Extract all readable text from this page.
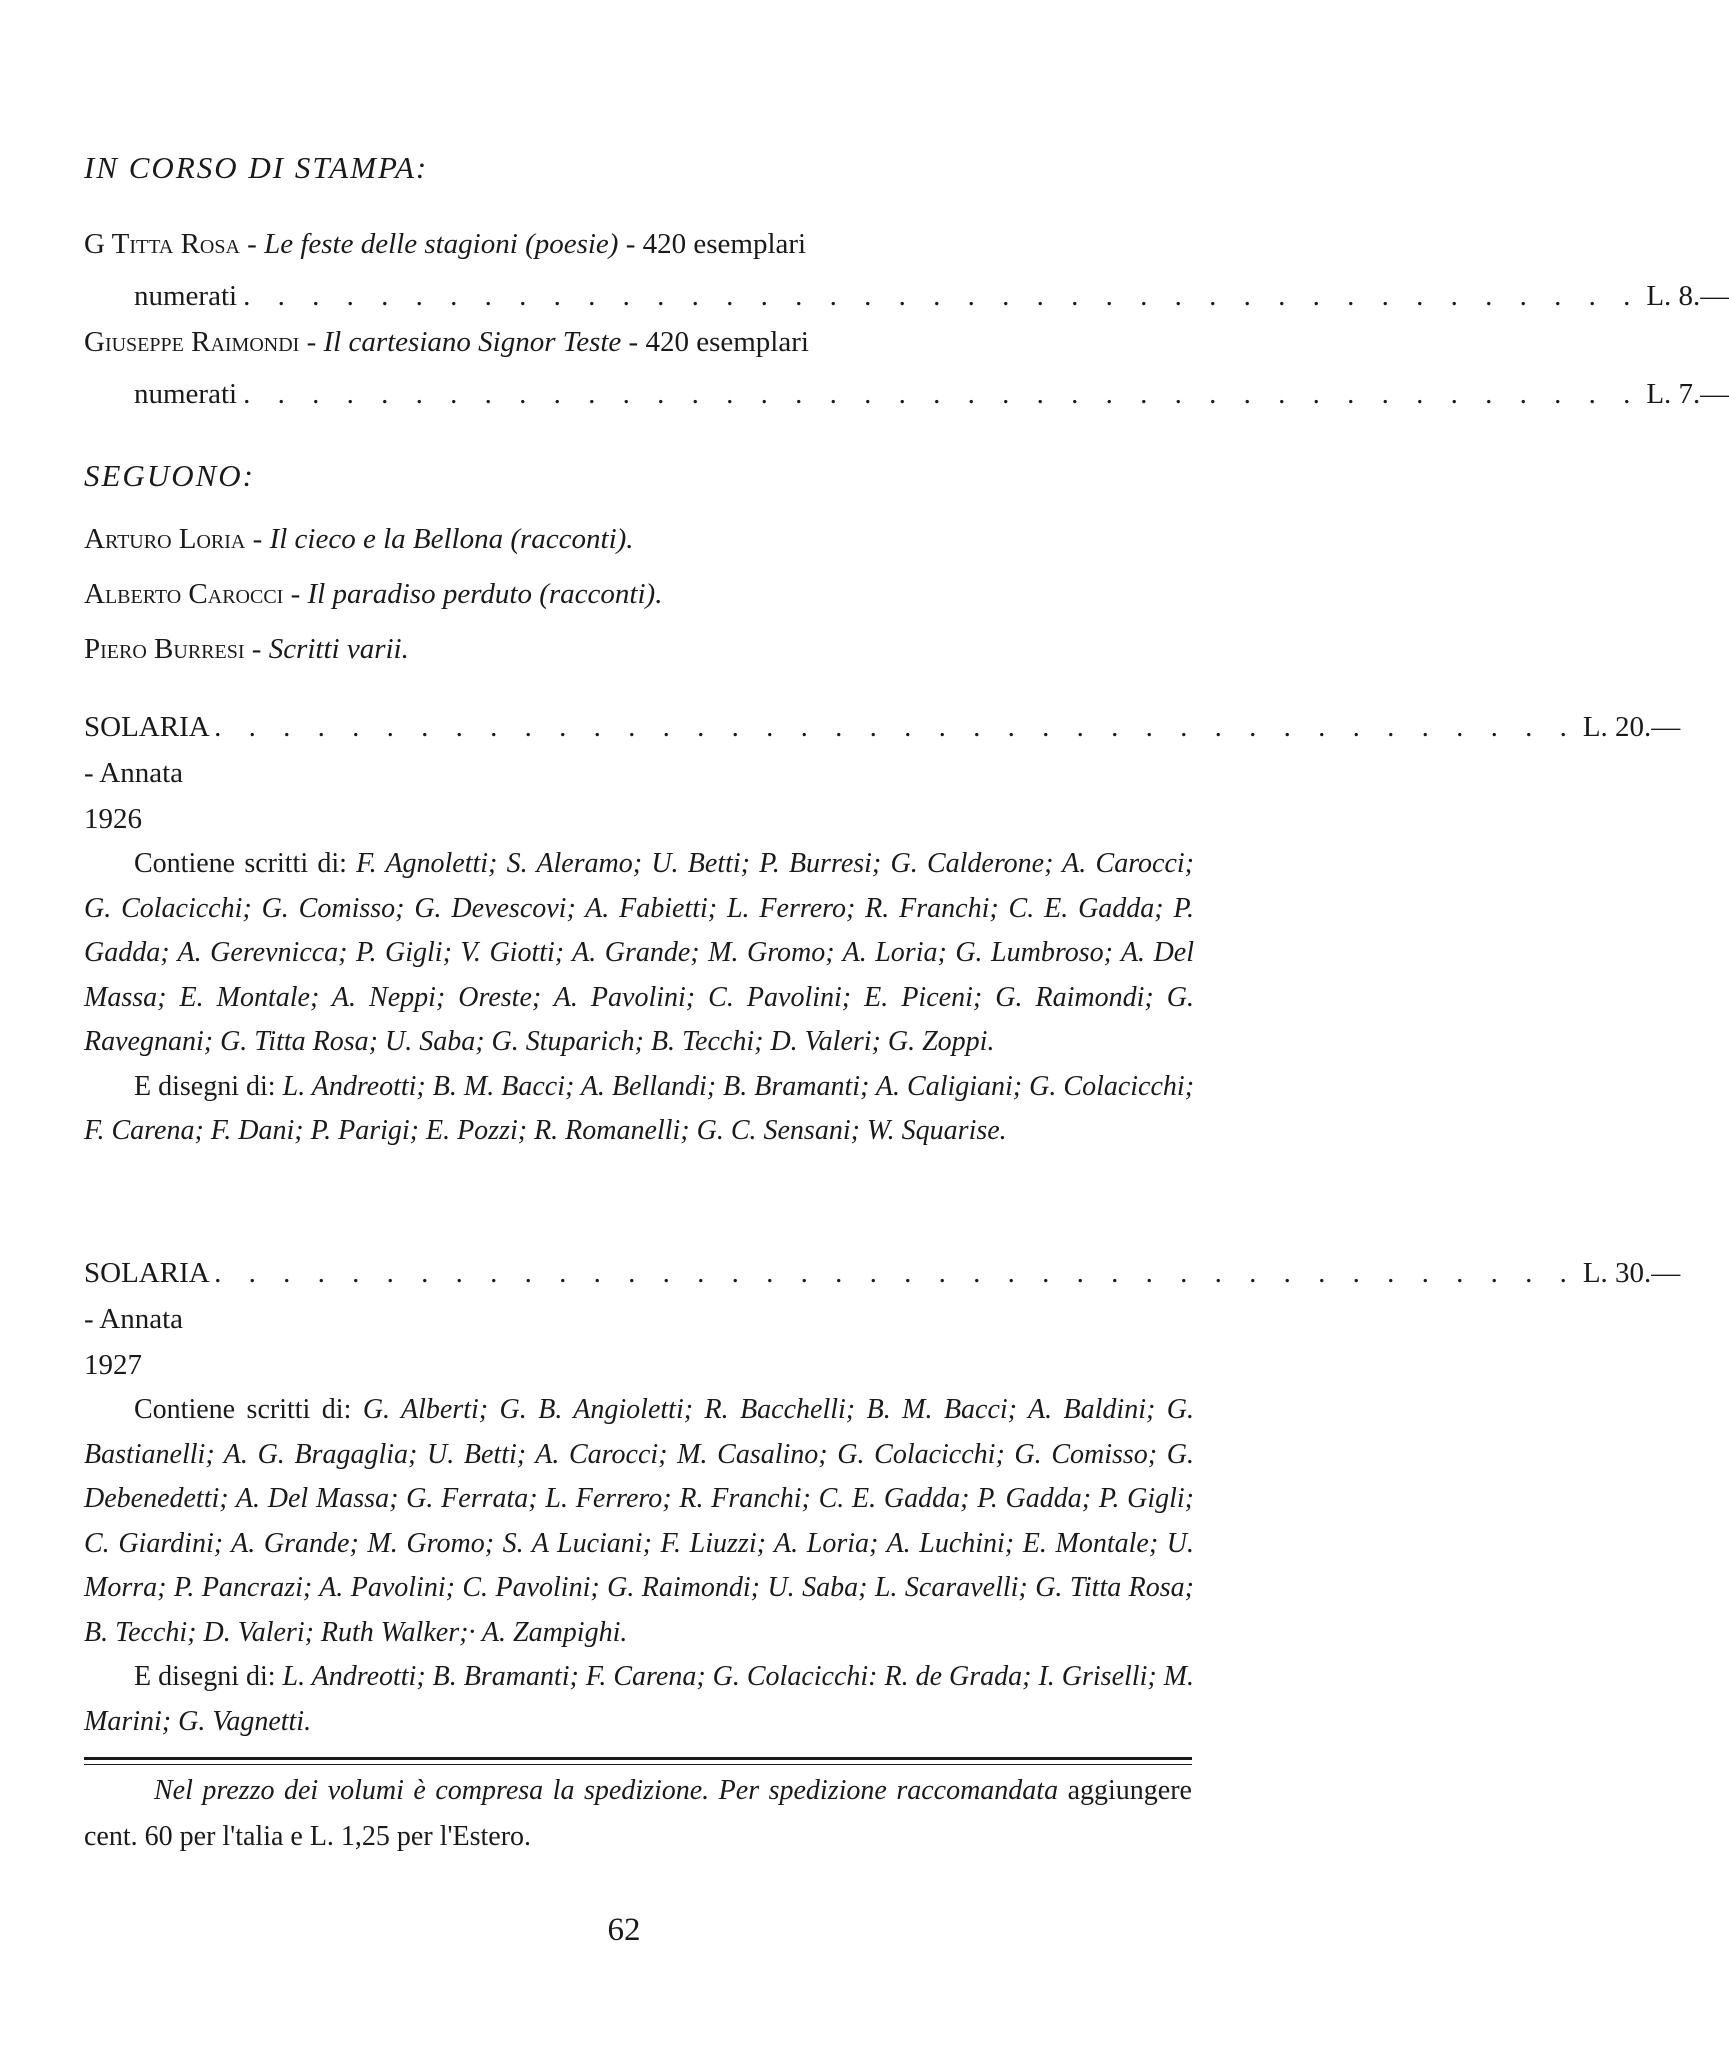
IN CORSO DI STAMPA:
G Titta Rosa - Le feste delle stagioni (poesie) - 420 esemplari
numerati . . . . . . . . . . . . . . . . . . . . . . . . . . . . . . . . . . . . . . . . . L. 8.—
Giuseppe Raimondi - Il cartesiano Signor Teste - 420 esemplari
numerati . . . . . . . . . . . . . . . . . . . . . . . . . . . . . . . . . . . . . . . . . L. 7.—
SEGUONO:
Arturo Loria - Il cieco e la Bellona (racconti).
Alberto Carocci - Il paradiso perduto (racconti).
Piero Burresi - Scritti varii.
SOLARIA - Annata 1926
. . . . . . . . . . . . . . . . . . . . . . . . . . . . . . . . . . . . . . . . L. 20.—

Contiene scritti di: F. Agnoletti; S. Aleramo; U. Betti; P. Burresi; G. Calderone; A. Carocci; G. Colacicchi; G. Comisso; G. Devescovi; A. Fabietti; L. Ferrero; R. Franchi; C. E. Gadda; P. Gadda; A. Gerevnicca; P. Gigli; V. Giotti; A. Grande; M. Gromo; A. Loria; G. Lumbroso; A. Del Massa; E. Montale; A. Neppi; Oreste; A. Pavolini; C. Pavolini; E. Piceni; G. Raimondi; G. Ravegnani; G. Titta Rosa; U. Saba; G. Stuparich; B. Tecchi; D. Valeri; G. Zoppi.

E disegni di: L. Andreotti; B. M. Bacci; A. Bellandi; B. Bramanti; A. Caligiani; G. Colacicchi; F. Carena; F. Dani; P. Parigi; E. Pozzi; R. Romanelli; G. C. Sensani; W. Squarise.

SOLARIA - Annata 1927
. . . . . . . . . . . . . . . . . . . . . . . . . . . . . . . . . . . . . . . . L. 30.—

Contiene scritti di: G. Alberti; G. B. Angioletti; R. Bacchelli; B. M. Bacci; A. Baldini; G. Bastianelli; A. G. Bragaglia; U. Betti; A. Carocci; M. Casalino; G. Colacicchi; G. Comisso; G. Debenedetti; A. Del Massa; G. Ferrata; L. Ferrero; R. Franchi; C. E. Gadda; P. Gadda; P. Gigli; C. Giardini; A. Grande; M. Gromo; S. A Luciani; F. Liuzzi; A. Loria; A. Luchini; E. Montale; U. Morra; P. Pancrazi; A. Pavolini; C. Pavolini; G. Raimondi; U. Saba; L. Scaravelli; G. Titta Rosa; B. Tecchi; D. Valeri; Ruth Walker;· A. Zampighi.

E disegni di: L. Andreotti; B. Bramanti; F. Carena; G. Colacicchi: R. de Grada; I. Griselli; M. Marini; G. Vagnetti.

Nel prezzo dei volumi è compresa la spedizione. Per spedizione raccomandata aggiungere cent. 60 per l'talia e L. 1,25 per l'Estero.

62
